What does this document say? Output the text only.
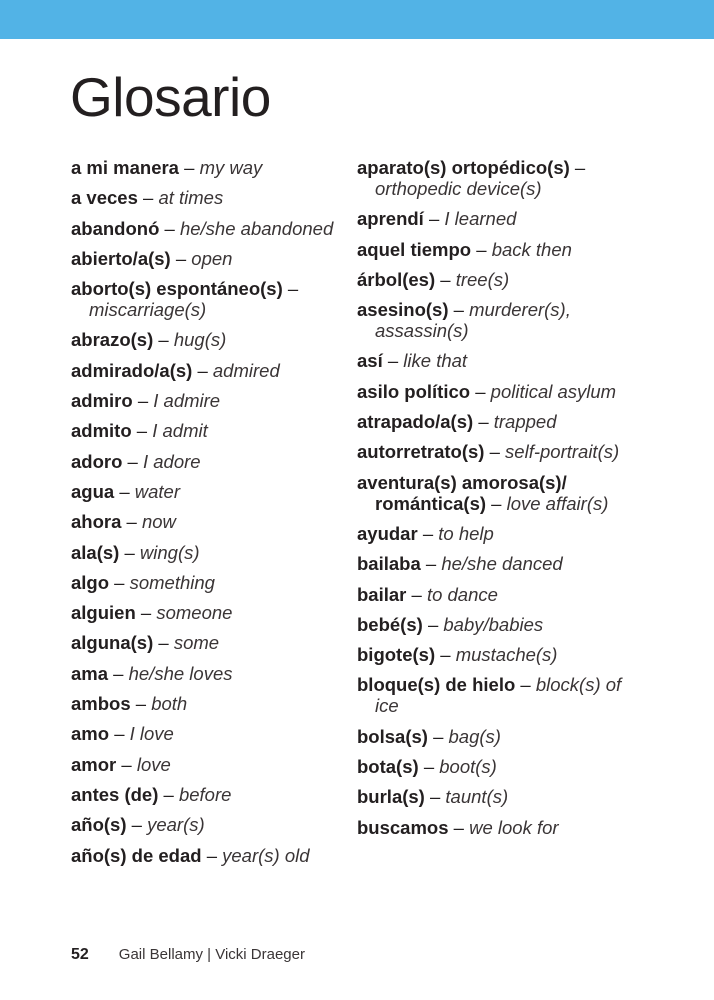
Glosario
a mi manera – my way
a veces – at times
abandonó – he/she abandoned
abierto/a(s) – open
aborto(s) espontáneo(s) – miscarriage(s)
abrazo(s) – hug(s)
admirado/a(s) – admired
admiro – I admire
admito – I admit
adoro – I adore
agua – water
ahora – now
ala(s) – wing(s)
algo – something
alguien – someone
alguna(s) – some
ama – he/she loves
ambos – both
amo – I love
amor – love
antes (de) – before
año(s) – year(s)
año(s) de edad – year(s) old
aparato(s) ortopédico(s) – orthopedic device(s)
aprendí – I learned
aquel tiempo – back then
árbol(es) – tree(s)
asesino(s) – murderer(s), assassin(s)
así – like that
asilo político – political asylum
atrapado/a(s) – trapped
autorretrato(s) – self-portrait(s)
aventura(s) amorosa(s)/ romántica(s) – love affair(s)
ayudar – to help
bailaba – he/she danced
bailar – to dance
bebé(s) – baby/babies
bigote(s) – mustache(s)
bloque(s) de hielo – block(s) of ice
bolsa(s) – bag(s)
bota(s) – boot(s)
burla(s) – taunt(s)
buscamos – we look for
52 Gail Bellamy | Vicki Draeger
